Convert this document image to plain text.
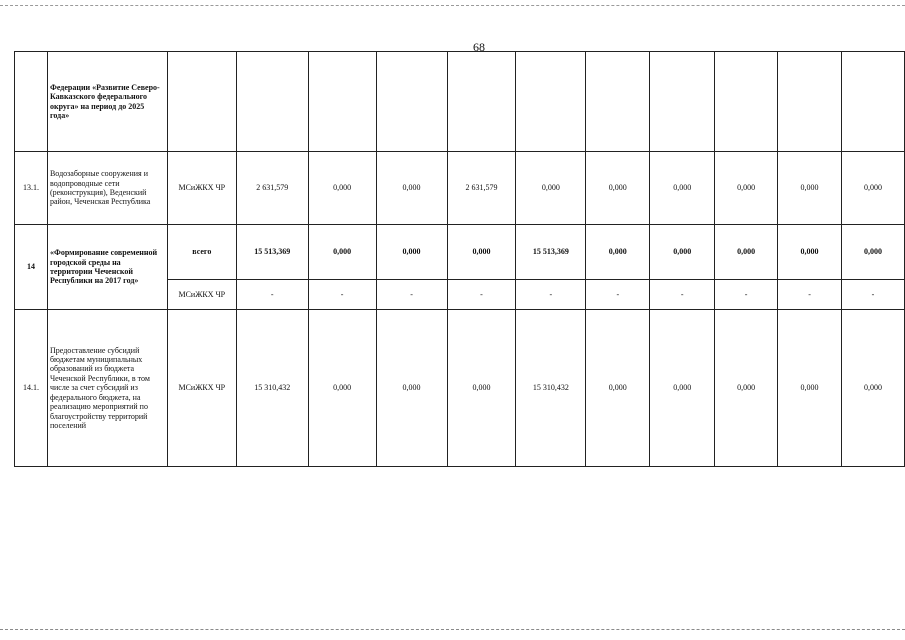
68
	Федерации «Развитие Северо-Кавказского федерального округа» на период до 2025 года»											
13.1.	Водозаборные сооружения и водопроводные сети (реконструкция), Веденский район, Чеченская Республика	МСиЖКХ ЧР	2 631,579	0,000	0,000	2 631,579	0,000	0,000	0,000	0,000	0,000	0,000
14	«Формирование современной городской среды на территории Чеченской Республики на 2017 год»	всего	15 513,369	0,000	0,000	0,000	15 513,369	0,000	0,000	0,000	0,000	0,000
		МСиЖКХ ЧР	-	-	-	-	-	-	-	-	-	-
14.1.	Предоставление субсидий бюджетам муниципальных образований из бюджета Чеченской Республики, в том числе за счет субсидий из федерального бюджета, на реализацию мероприятий по благоустройству территорий поселений	МСиЖКХ ЧР	15 310,432	0,000	0,000	0,000	15 310,432	0,000	0,000	0,000	0,000	0,000
